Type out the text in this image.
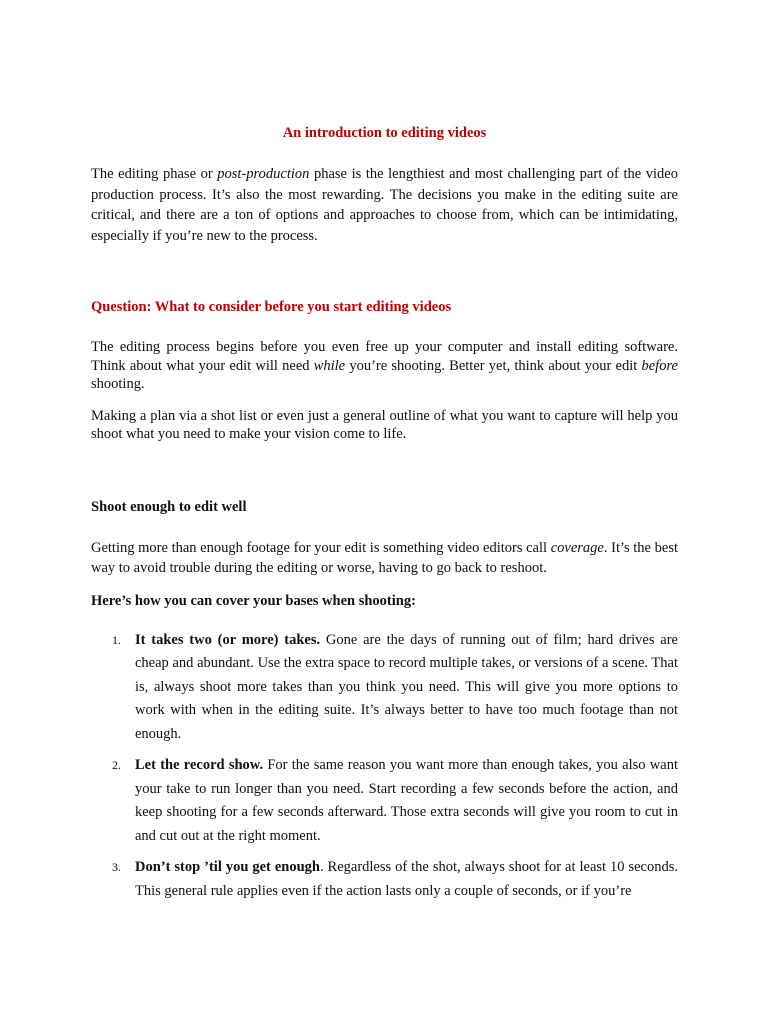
An introduction to editing videos

The editing phase or post-production phase is the lengthiest and most challenging part of the video production process. It’s also the most rewarding. The decisions you make in the editing suite are critical, and there are a ton of options and approaches to choose from, which can be intimidating, especially if you’re new to the process.

Question: What to consider before you start editing videos

The editing process begins before you even free up your computer and install editing software. Think about what your edit will need while you’re shooting. Better yet, think about your edit before shooting.

Making a plan via a shot list or even just a general outline of what you want to capture will help you shoot what you need to make your vision come to life.

Shoot enough to edit well

Getting more than enough footage for your edit is something video editors call coverage. It’s the best way to avoid trouble during the editing or worse, having to go back to reshoot.

Here’s how you can cover your bases when shooting:

1. It takes two (or more) takes. Gone are the days of running out of film; hard drives are cheap and abundant. Use the extra space to record multiple takes, or versions of a scene. That is, always shoot more takes than you think you need. This will give you more options to work with when in the editing suite. It’s always better to have too much footage than not enough.
2. Let the record show. For the same reason you want more than enough takes, you also want your take to run longer than you need. Start recording a few seconds before the action, and keep shooting for a few seconds afterward. Those extra seconds will give you room to cut in and cut out at the right moment.
3. Don’t stop ’til you get enough. Regardless of the shot, always shoot for at least 10 seconds. This general rule applies even if the action lasts only a couple of seconds, or if you’re
